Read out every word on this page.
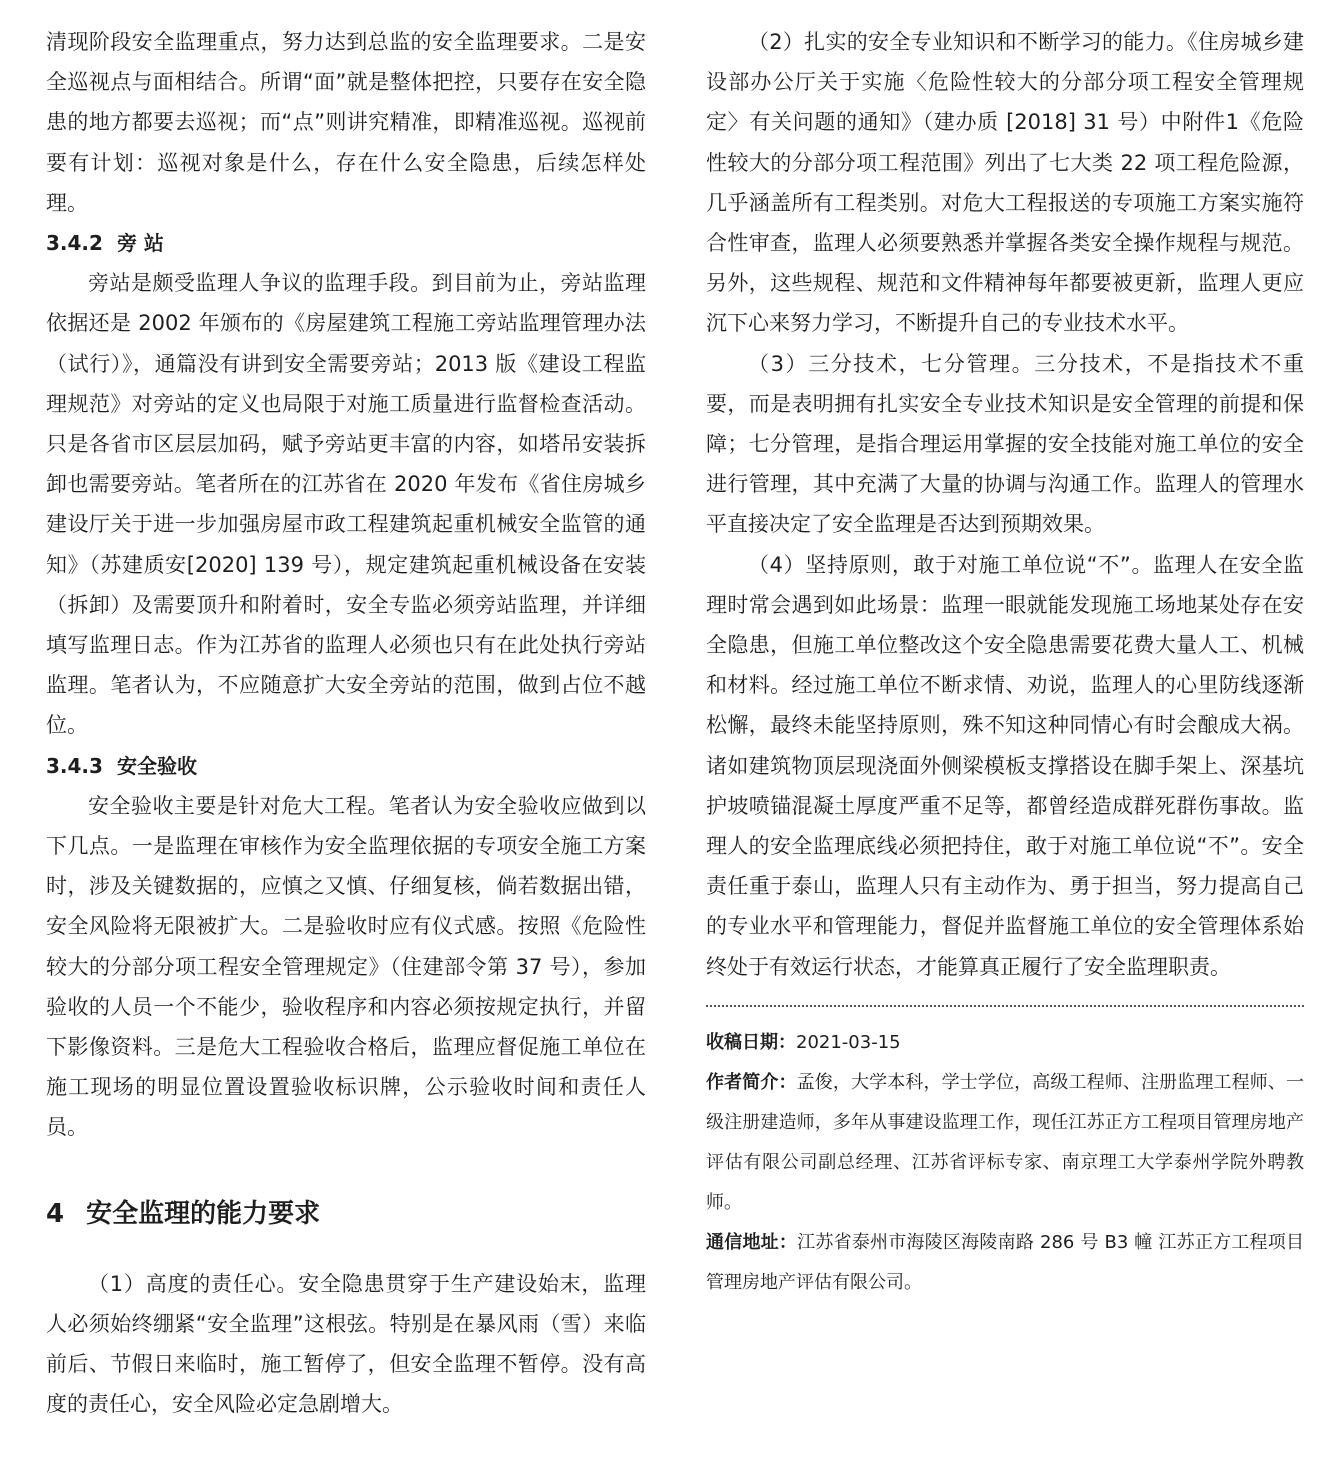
清现阶段安全监理重点，努力达到总监的安全监理要求。二是安全巡视点与面相结合。所谓“面”就是整体把控，只要存在安全隐患的地方都要去巡视；而“点”则讲究精准，即精准巡视。巡视前要有计划：巡视对象是什么，存在什么安全隐患，后续怎样处理。

3.4.2 旁 站

旁站是颇受监理人争议的监理手段。到目前为止，旁站监理依据还是 2002 年颁布的《房屋建筑工程施工旁站监理管理办法（试行）》，通篇没有讲到安全需要旁站；2013 版《建设工程监理规范》对旁站的定义也局限于对施工质量进行监督检查活动。只是各省市区层层加码，赋予旁站更丰富的内容，如塔吊安装拆卸也需要旁站。笔者所在的江苏省在 2020 年发布《省住房城乡建设厅关于进一步加强房屋市政工程建筑起重机械安全监管的通知》（苏建质安[2020] 139 号），规定建筑起重机械设备在安装（拆卸）及需要顶升和附着时，安全专监必须旁站监理，并详细填写监理日志。作为江苏省的监理人必须也只有在此处执行旁站监理。笔者认为，不应随意扩大安全旁站的范围，做到占位不越位。

3.4.3 安全验收

安全验收主要是针对危大工程。笔者认为安全验收应做到以下几点。一是监理在审核作为安全监理依据的专项安全施工方案时，涉及关键数据的，应慎之又慎、仔细复核，倘若数据出错，安全风险将无限被扩大。二是验收时应有仪式感。按照《危险性较大的分部分项工程安全管理规定》（住建部令第 37 号），参加验收的人员一个不能少，验收程序和内容必须按规定执行，并留下影像资料。三是危大工程验收合格后，监理应督促施工单位在施工现场的明显位置设置验收标识牌，公示验收时间和责任人员。

4 安全监理的能力要求

（1）高度的责任心。安全隐患贯穿于生产建设始末，监理人必须始终绷紧“安全监理”这根弦。特别是在暴风雨（雪）来临前后、节假日来临时，施工暂停了，但安全监理不暂停。没有高度的责任心，安全风险必定急剧增大。

（2）扎实的安全专业知识和不断学习的能力。《住房城乡建设部办公厅关于实施〈危险性较大的分部分项工程安全管理规定〉有关问题的通知》（建办质 [2018] 31 号）中附件1《危险性较大的分部分项工程范围》列出了七大类 22 项工程危险源，几乎涵盖所有工程类别。对危大工程报送的专项施工方案实施符合性审查，监理人必须要熟悉并掌握各类安全操作规程与规范。另外，这些规程、规范和文件精神每年都要被更新，监理人更应沉下心来努力学习，不断提升自己的专业技术水平。

（3）三分技术，七分管理。三分技术，不是指技术不重要，而是表明拥有扎实安全专业技术知识是安全管理的前提和保障；七分管理，是指合理运用掌握的安全技能对施工单位的安全进行管理，其中充满了大量的协调与沟通工作。监理人的管理水平直接决定了安全监理是否达到预期效果。

（4）坚持原则，敢于对施工单位说“不”。监理人在安全监理时常会遇到如此场景：监理一眼就能发现施工场地某处存在安全隐患，但施工单位整改这个安全隐患需要花费大量人工、机械和材料。经过施工单位不断求情、劝说，监理人的心里防线逐渐松懈，最终未能坚持原则，殊不知这种同情心有时会酿成大祸。诸如建筑物顶层现浇面外侧梁模板支撑搭设在脚手架上、深基坑护坡喷锚混凝土厚度严重不足等，都曾经造成群死群伤事故。监理人的安全监理底线必须把持住，敢于对施工单位说“不”。安全责任重于泰山，监理人只有主动作为、勇于担当，努力提高自己的专业水平和管理能力，督促并监督施工单位的安全管理体系始终处于有效运行状态，才能算真正履行了安全监理职责。

收稿日期：2021-03-15

作者简介：孟俊，大学本科，学士学位，高级工程师、注册监理工程师、一级注册建造师，多年从事建设监理工作，现任江苏正方工程项目管理房地产评估有限公司副总经理、江苏省评标专家、南京理工大学泰州学院外聘教师。

通信地址：江苏省泰州市海陵区海陵南路 286 号 B3 幢 江苏正方工程项目管理房地产评估有限公司。
